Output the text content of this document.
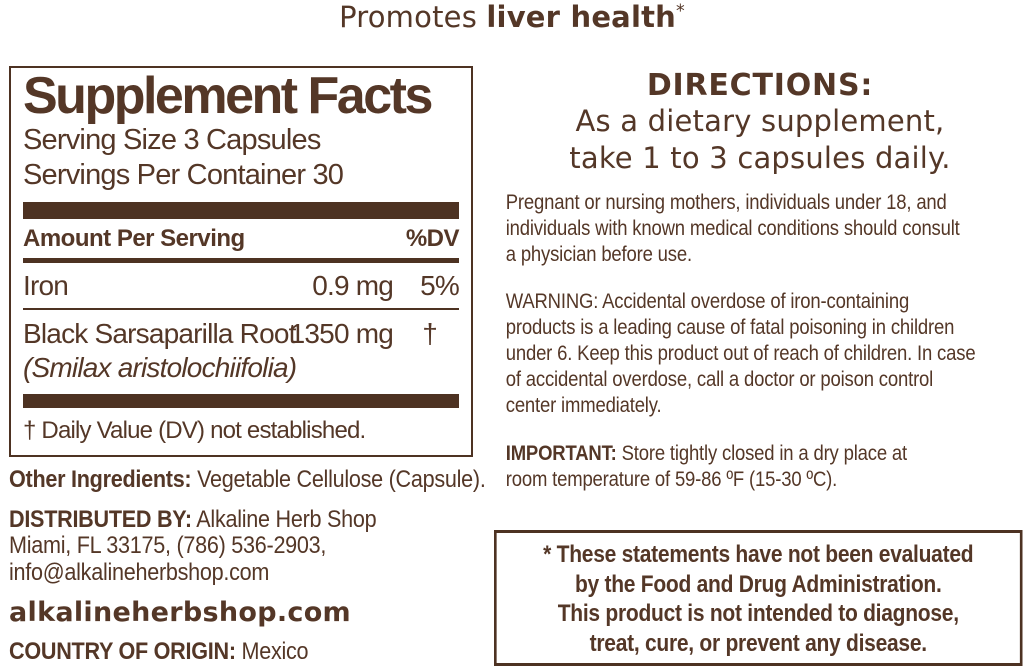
Promotes liver health*
Supplement Facts
Serving Size 3 Capsules
Servings Per Container 30
Amount Per Serving	%DV
Iron	0.9 mg 5%
Black Sarsaparilla Root
1350 mg †
(Smilax aristolochiifolia)
† Daily Value (DV) not established.
Other Ingredients: Vegetable Cellulose (Capsule).
DISTRIBUTED BY: Alkaline Herb Shop
Miami, FL 33175, (786) 536-2903,
info@alkalineherbshop.com
alkalineherbshop.com
COUNTRY OF ORIGIN: Mexico
DIRECTIONS:
As a dietary supplement,
take 1 to 3 capsules daily.
Pregnant or nursing mothers, individuals under 18, and
individuals with known medical conditions should consult
a physician before use.
WARNING: Accidental overdose of iron-containing
products is a leading cause of fatal poisoning in children
under 6. Keep this product out of reach of children. In case
of accidental overdose, call a doctor or poison control
center immediately.
IMPORTANT: Store tightly closed in a dry place at
room temperature of 59-86 ºF (15-30 ºC).
* These statements have not been evaluated
by the Food and Drug Administration.
This product is not intended to diagnose,
treat, cure, or prevent any disease.
